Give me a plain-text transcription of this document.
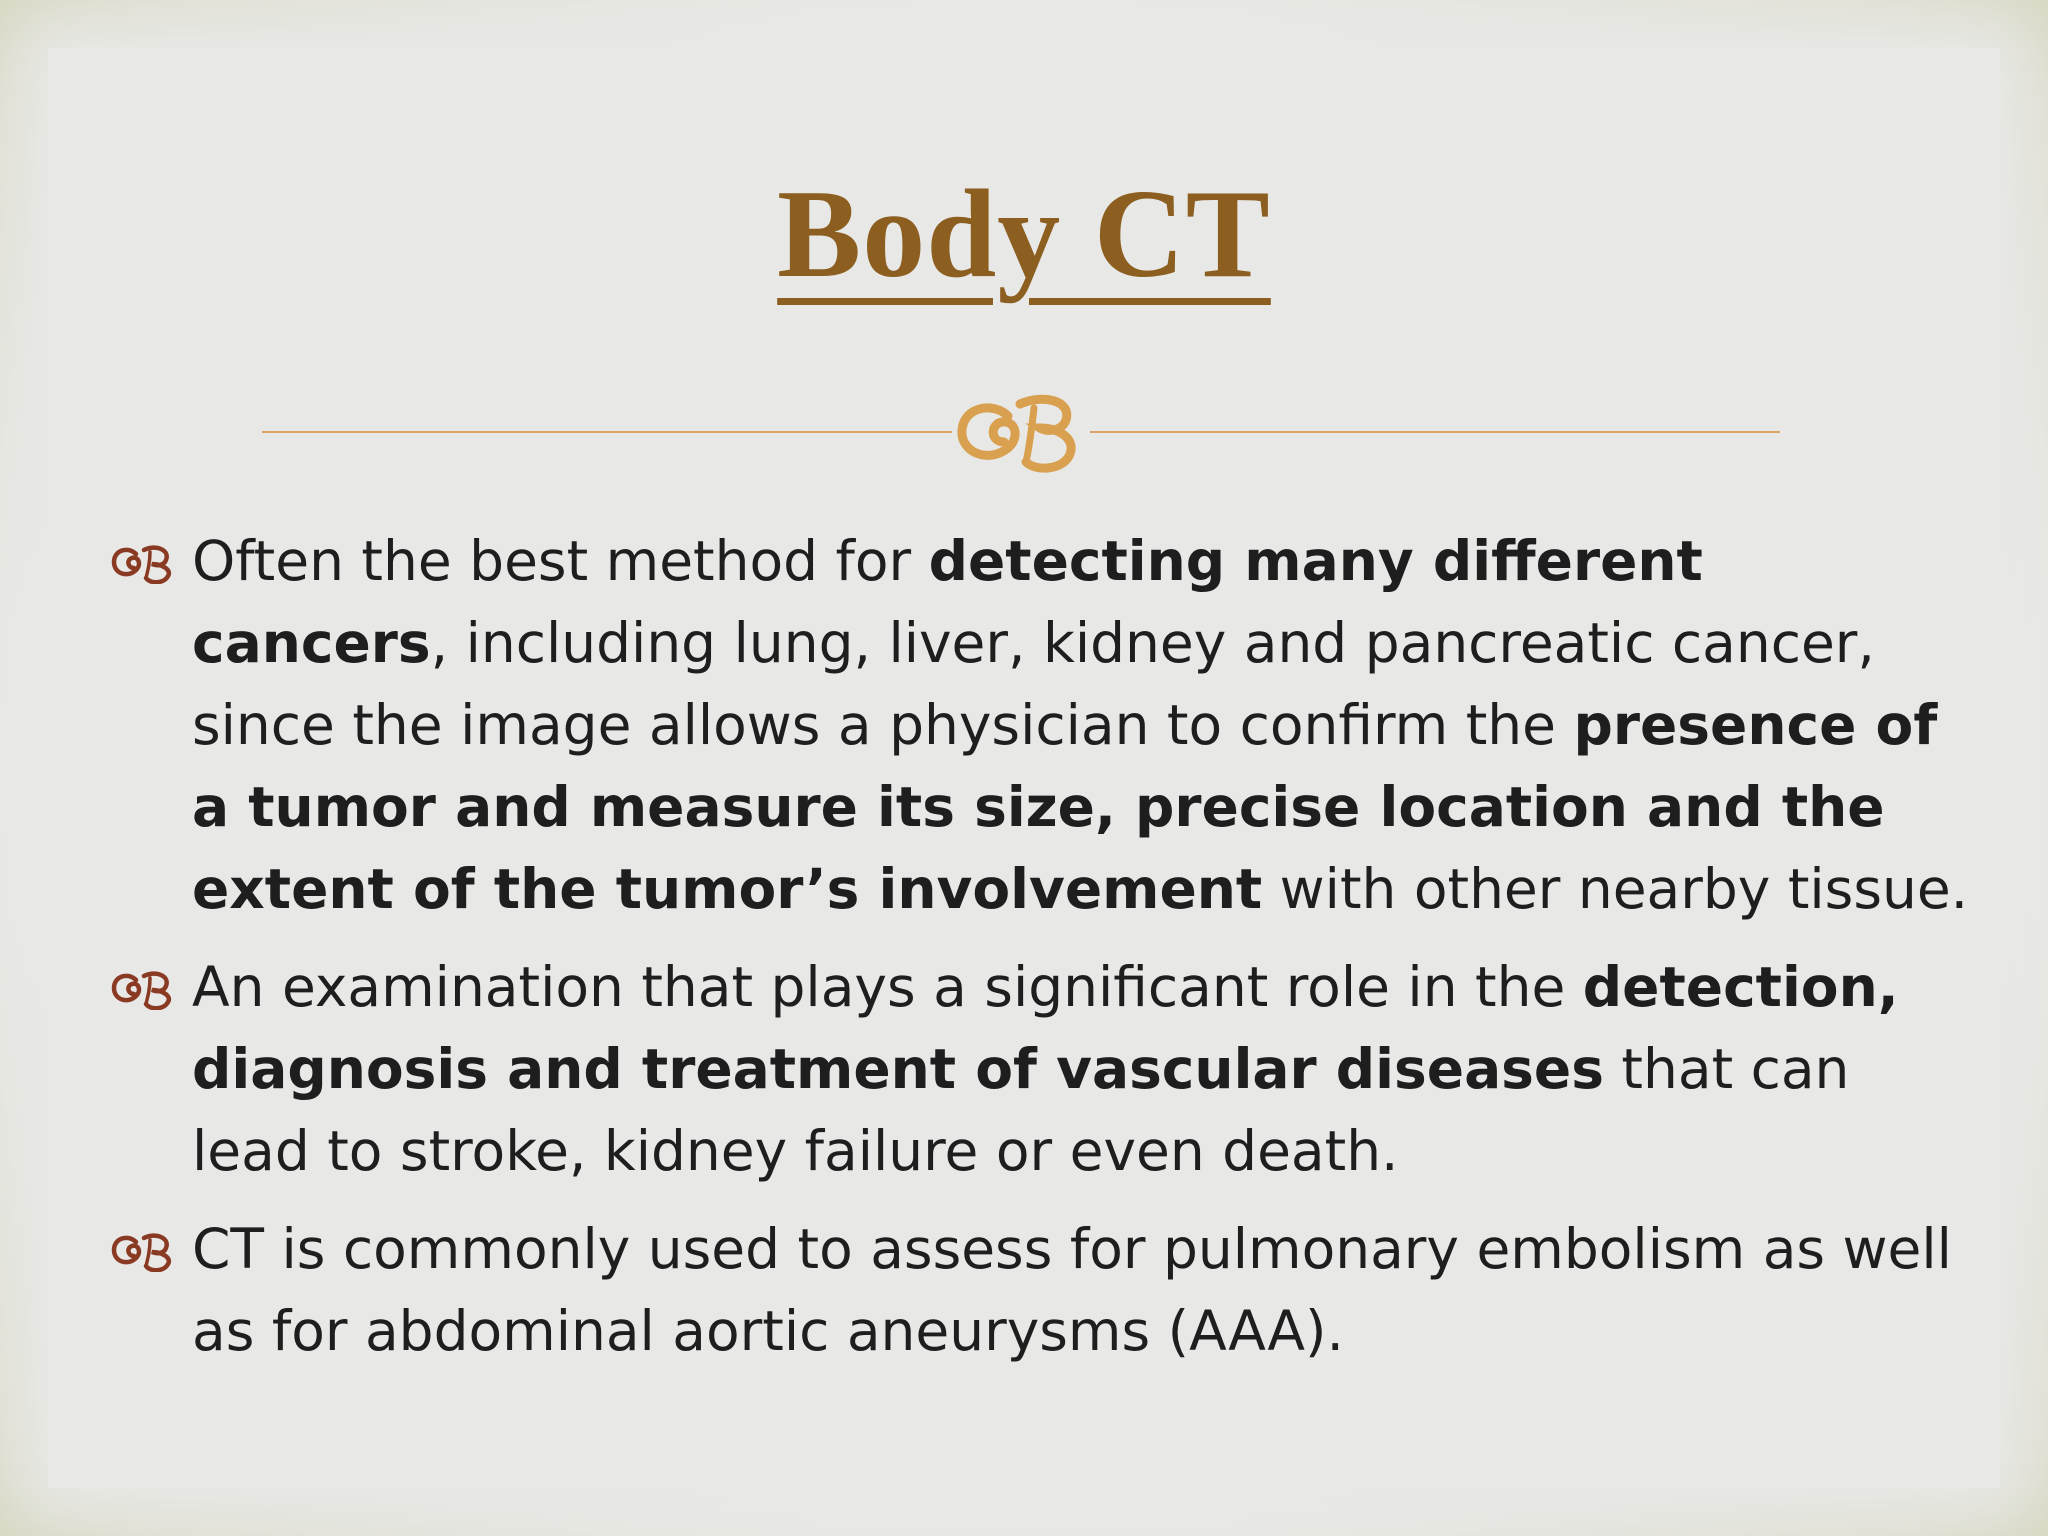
Body CT
Often the best method for detecting many different cancers, including lung, liver, kidney and pancreatic cancer, since the image allows a physician to confirm the presence of a tumor and measure its size, precise location and the extent of the tumor’s involvement with other nearby tissue.
An examination that plays a significant role in the detection, diagnosis and treatment of vascular diseases that can lead to stroke, kidney failure or even death.
CT is commonly used to assess for pulmonary embolism as well as for abdominal aortic aneurysms (AAA).
